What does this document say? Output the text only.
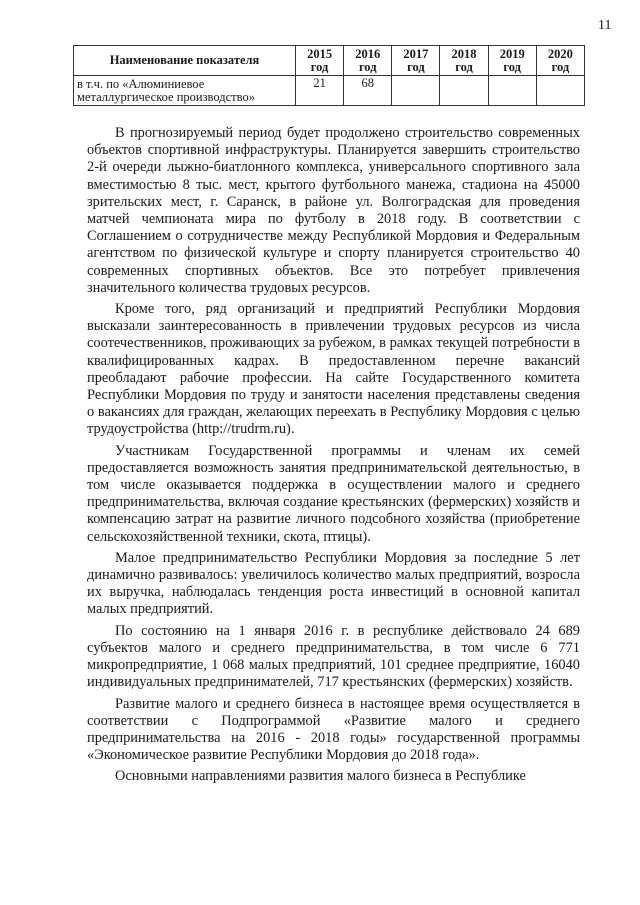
11
Наименование показателя	2015 год	2016 год	2017 год	2018 год	2019 год	2020 год
в т.ч. по «Алюминиевое металлургическое производство»	21	68				

В прогнозируемый период будет продолжено строительство современных объектов спортивной инфраструктуры. Планируется завершить строительство 2-й очереди лыжно-биатлонного комплекса, универсального спортивного зала вместимостью 8 тыс. мест, крытого футбольного манежа, стадиона на 45000 зрительских мест, г. Саранск, в районе ул. Волгоградская для проведения матчей чемпионата мира по футболу в 2018 году. В соответствии с Соглашением о сотрудничестве между Республикой Мордовия и Федеральным агентством по физической культуре и спорту планируется строительство 40 современных спортивных объектов. Все это потребует привлечения значительного количества трудовых ресурсов.

Кроме того, ряд организаций и предприятий Республики Мордовия высказали заинтересованность в привлечении трудовых ресурсов из числа соотечественников, проживающих за рубежом, в рамках текущей потребности в квалифицированных кадрах. В предоставленном перечне вакансий преобладают рабочие профессии. На сайте Государственного комитета Республики Мордовия по труду и занятости населения представлены сведения о вакансиях для граждан, желающих переехать в Республику Мордовия с целью трудоустройства (http://trudrm.ru).

Участникам Государственной программы и членам их семей предоставляется возможность занятия предпринимательской деятельностью, в том числе оказывается поддержка в осуществлении малого и среднего предпринимательства, включая создание крестьянских (фермерских) хозяйств и компенсацию затрат на развитие личного подсобного хозяйства (приобретение сельскохозяйственной техники, скота, птицы).

Малое предпринимательство Республики Мордовия за последние 5 лет динамично развивалось: увеличилось количество малых предприятий, возросла их выручка, наблюдалась тенденция роста инвестиций в основной капитал малых предприятий.

По состоянию на 1 января 2016 г. в республике действовало 24 689 субъектов малого и среднего предпринимательства, в том числе 6 771 микропредприятие, 1 068 малых предприятий, 101 среднее предприятие, 16040 индивидуальных предпринимателей, 717 крестьянских (фермерских) хозяйств.

Развитие малого и среднего бизнеса в настоящее время осуществляется в соответствии с Подпрограммой «Развитие малого и среднего предпринимательства на 2016 - 2018 годы» государственной программы «Экономическое развитие Республики Мордовия до 2018 года».

Основными направлениями развития малого бизнеса в Республике
